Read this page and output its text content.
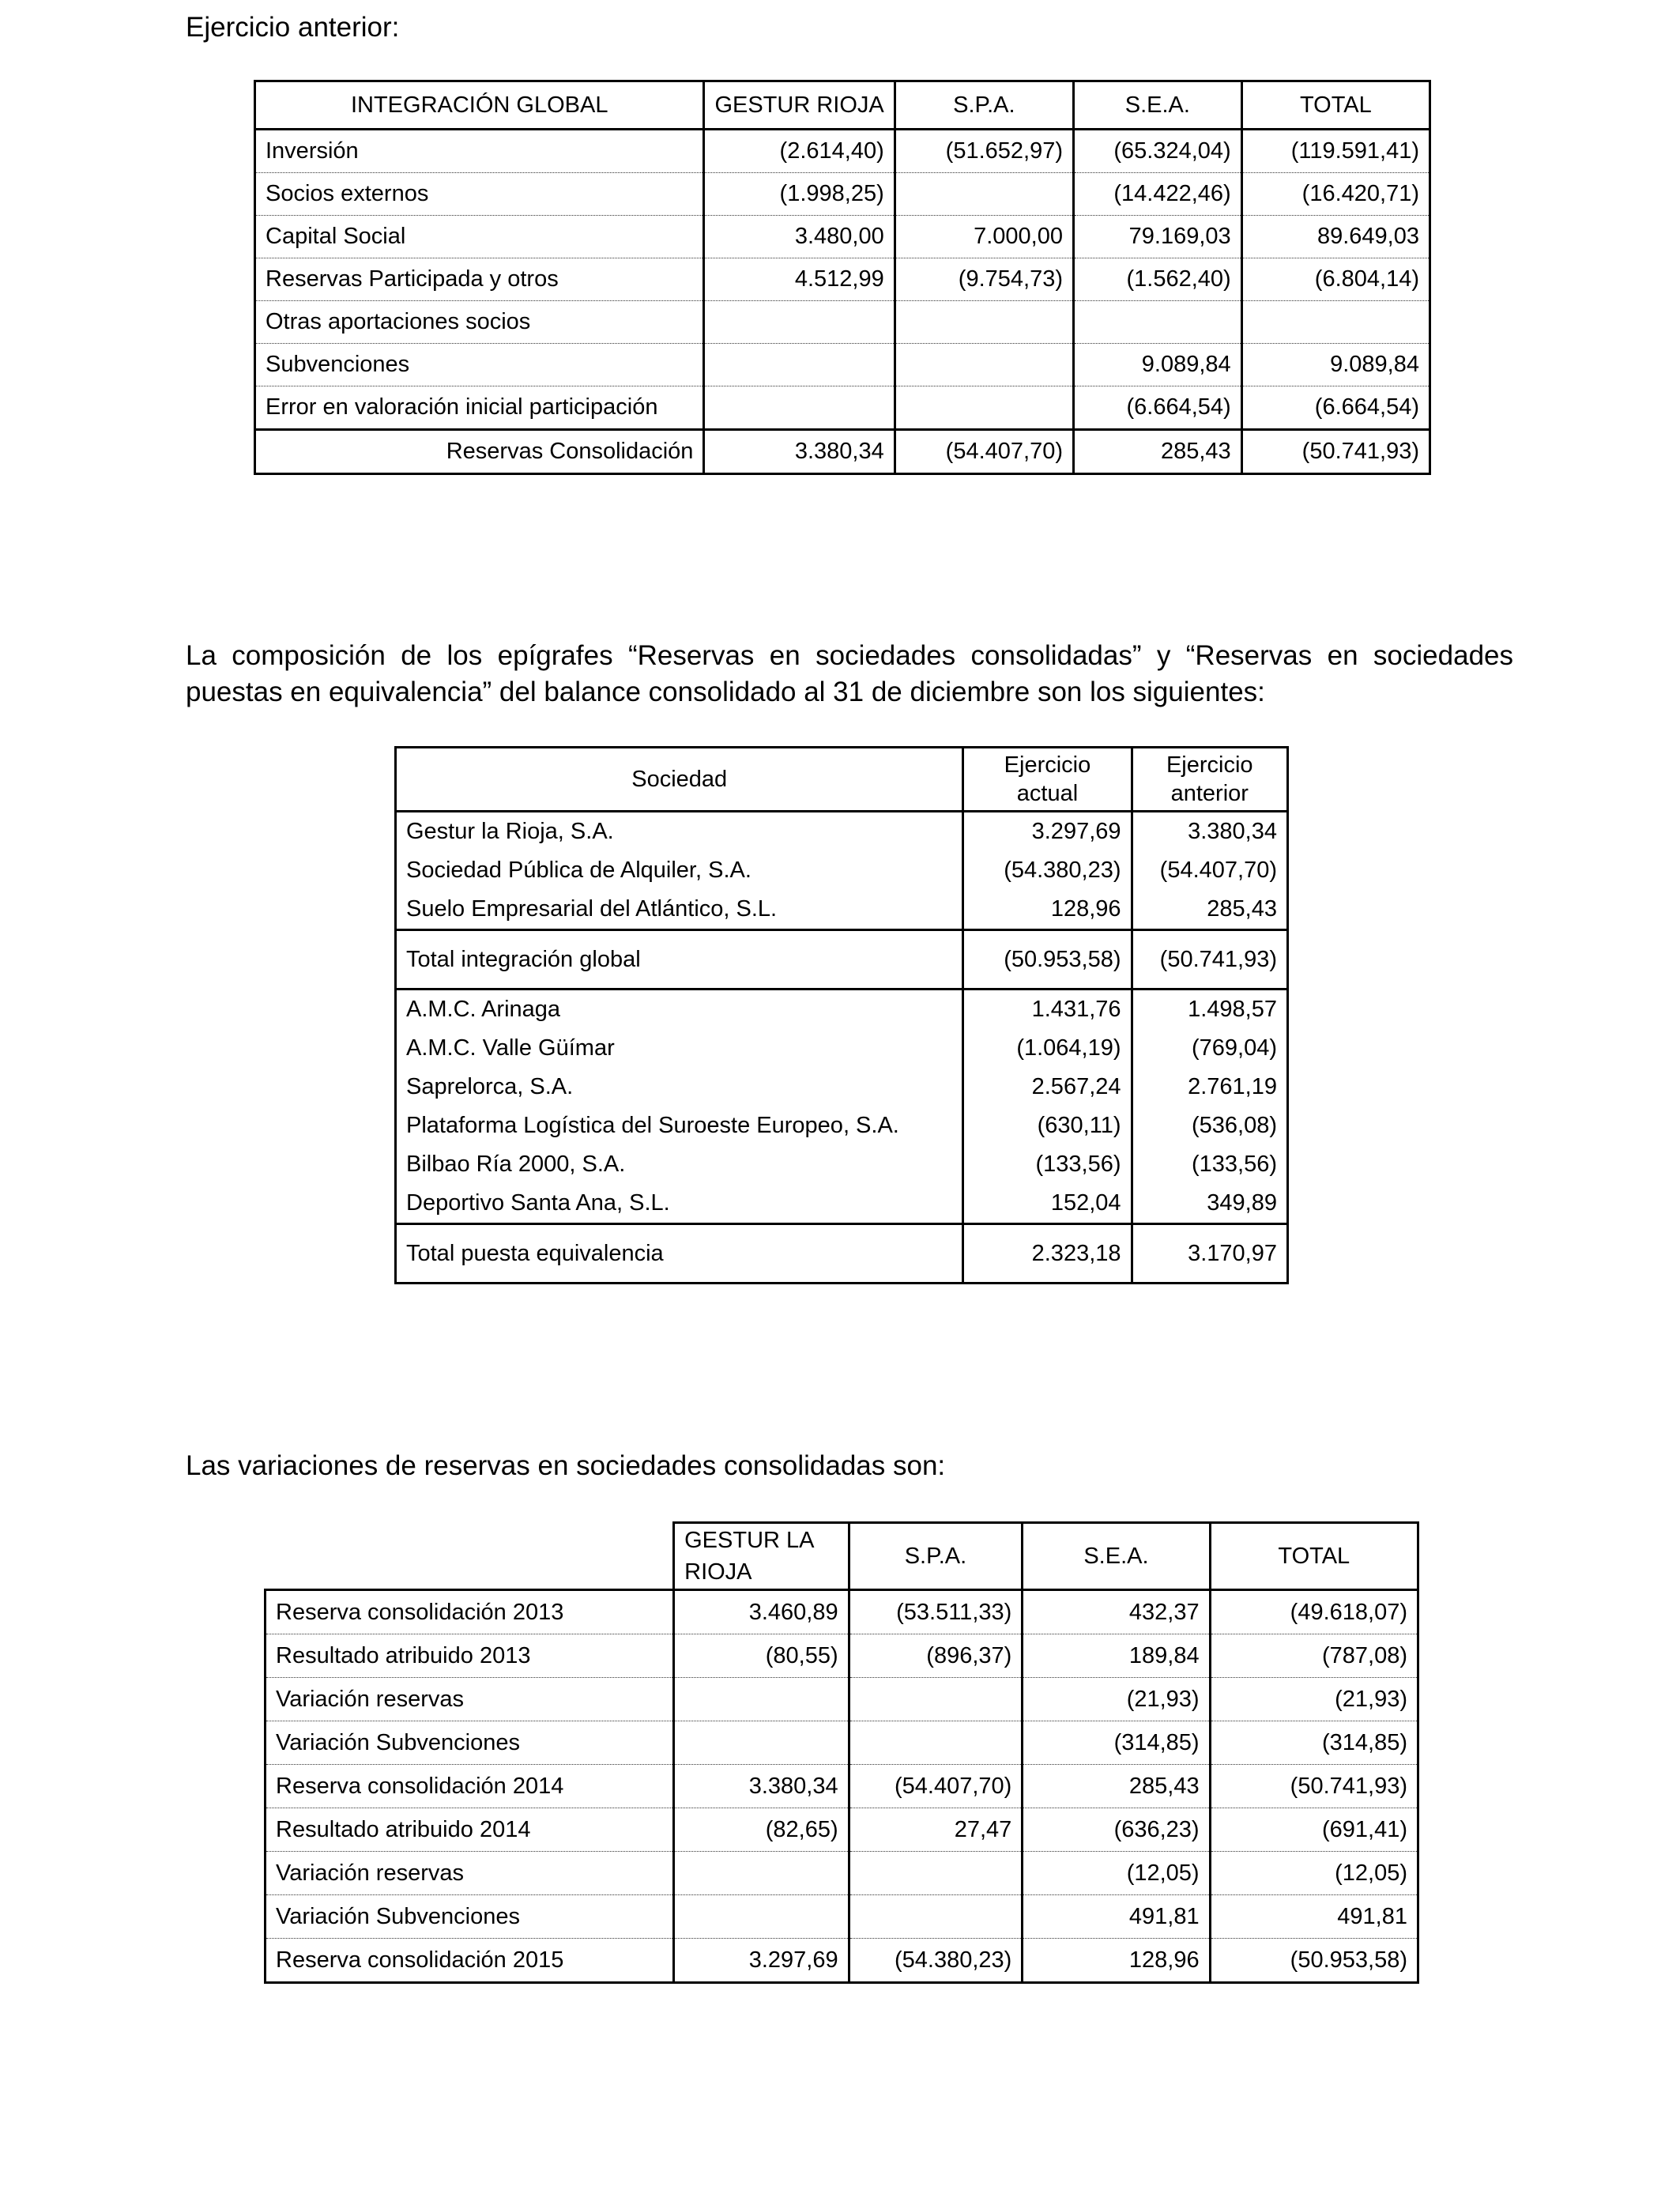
Ejercicio anterior:
INTEGRACIÓN GLOBAL	GESTUR RIOJA	S.P.A.	S.E.A.	TOTAL
Inversión	(2.614,40)	(51.652,97)	(65.324,04)	(119.591,41)
Socios externos	(1.998,25)		(14.422,46)	(16.420,71)
Capital Social	3.480,00	7.000,00	79.169,03	89.649,03
Reservas Participada y otros	4.512,99	(9.754,73)	(1.562,40)	(6.804,14)
Otras aportaciones socios				
Subvenciones			9.089,84	9.089,84
Error en valoración inicial participación			(6.664,54)	(6.664,54)
Reservas Consolidación	3.380,34	(54.407,70)	285,43	(50.741,93)
La composición de los epígrafes “Reservas en sociedades consolidadas” y “Reservas en sociedades puestas en equivalencia” del balance consolidado al 31 de diciembre son los siguientes:
Sociedad	Ejercicio actual	Ejercicio anterior
Gestur la Rioja, S.A.	3.297,69	3.380,34
Sociedad Pública de Alquiler, S.A.	(54.380,23)	(54.407,70)
Suelo Empresarial del Atlántico, S.L.	128,96	285,43
Total integración global	(50.953,58)	(50.741,93)
A.M.C. Arinaga	1.431,76	1.498,57
A.M.C. Valle Güímar	(1.064,19)	(769,04)
Saprelorca, S.A.	2.567,24	2.761,19
Plataforma Logística del Suroeste Europeo, S.A.	(630,11)	(536,08)
Bilbao Ría 2000, S.A.	(133,56)	(133,56)
Deportivo Santa Ana, S.L.	152,04	349,89
Total puesta equivalencia	2.323,18	3.170,97
Las variaciones de reservas en sociedades consolidadas son:
	GESTUR LA RIOJA	S.P.A.	S.E.A.	TOTAL
Reserva consolidación 2013	3.460,89	(53.511,33)	432,37	(49.618,07)
Resultado atribuido 2013	(80,55)	(896,37)	189,84	(787,08)
Variación reservas			(21,93)	(21,93)
Variación Subvenciones			(314,85)	(314,85)
Reserva consolidación 2014	3.380,34	(54.407,70)	285,43	(50.741,93)
Resultado atribuido 2014	(82,65)	27,47	(636,23)	(691,41)
Variación reservas			(12,05)	(12,05)
Variación Subvenciones			491,81	491,81
Reserva consolidación 2015	3.297,69	(54.380,23)	128,96	(50.953,58)
